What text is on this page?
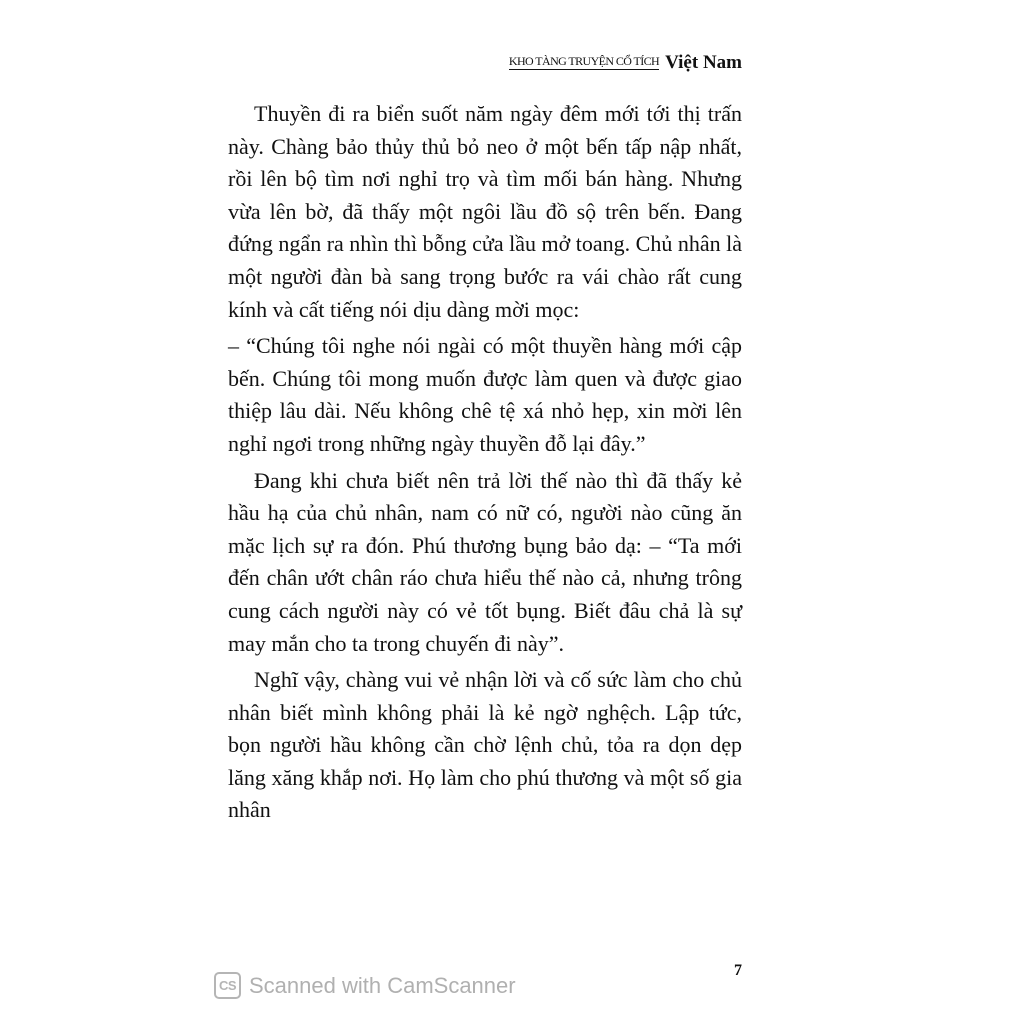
KHO TÀNG TRUYỆN CỔ TÍCH Việt Nam

Thuyền đi ra biển suốt năm ngày đêm mới tới thị trấn này. Chàng bảo thủy thủ bỏ neo ở một bến tấp nập nhất, rồi lên bộ tìm nơi nghỉ trọ và tìm mối bán hàng. Nhưng vừa lên bờ, đã thấy một ngôi lầu đồ sộ trên bến. Đang đứng ngẩn ra nhìn thì bỗng cửa lầu mở toang. Chủ nhân là một người đàn bà sang trọng bước ra vái chào rất cung kính và cất tiếng nói dịu dàng mời mọc:

– “Chúng tôi nghe nói ngài có một thuyền hàng mới cập bến. Chúng tôi mong muốn được làm quen và được giao thiệp lâu dài. Nếu không chê tệ xá nhỏ hẹp, xin mời lên nghỉ ngơi trong những ngày thuyền đỗ lại đây.”

Đang khi chưa biết nên trả lời thế nào thì đã thấy kẻ hầu hạ của chủ nhân, nam có nữ có, người nào cũng ăn mặc lịch sự ra đón. Phú thương bụng bảo dạ: – “Ta mới đến chân ướt chân ráo chưa hiểu thế nào cả, nhưng trông cung cách người này có vẻ tốt bụng. Biết đâu chả là sự may mắn cho ta trong chuyến đi này”.

Nghĩ vậy, chàng vui vẻ nhận lời và cố sức làm cho chủ nhân biết mình không phải là kẻ ngờ nghệch. Lập tức, bọn người hầu không cần chờ lệnh chủ, tỏa ra dọn dẹp lăng xăng khắp nơi. Họ làm cho phú thương và một số gia nhân

CS Scanned with CamScanner
7
